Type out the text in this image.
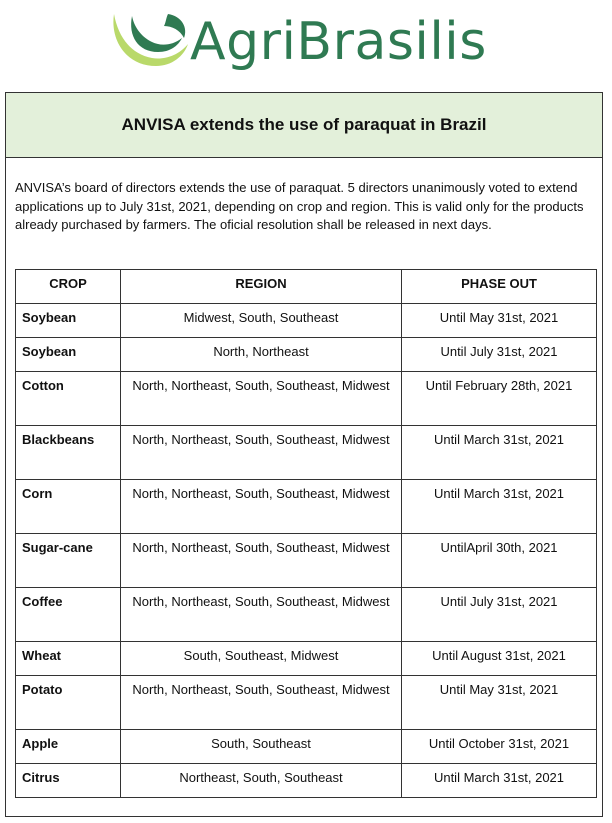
AgriBrasilis
ANVISA extends the use of paraquat in Brazil
ANVISA’s board of directors extends the use of paraquat. 5 directors unanimously voted to extend applications up to July 31st, 2021, depending on crop and region. This is valid only for the products already purchased by farmers. The oficial resolution shall be released in next days.
CROP	REGION	PHASE OUT
Soybean	Midwest, South, Southeast	Until May 31st, 2021
Soybean	North, Northeast	Until July 31st, 2021
Cotton	North, Northeast, South, Southeast, Midwest	Until February 28th, 2021
Blackbeans	North, Northeast, South, Southeast, Midwest	Until March 31st, 2021
Corn	North, Northeast, South, Southeast, Midwest	Until March 31st, 2021
Sugar-cane	North, Northeast, South, Southeast, Midwest	UntilApril 30th, 2021
Coffee	North, Northeast, South, Southeast, Midwest	Until July 31st, 2021
Wheat	South, Southeast, Midwest	Until August 31st, 2021
Potato	North, Northeast, South, Southeast, Midwest	Until May 31st, 2021
Apple	South, Southeast	Until October 31st, 2021
Citrus	Northeast, South, Southeast	Until March 31st, 2021
